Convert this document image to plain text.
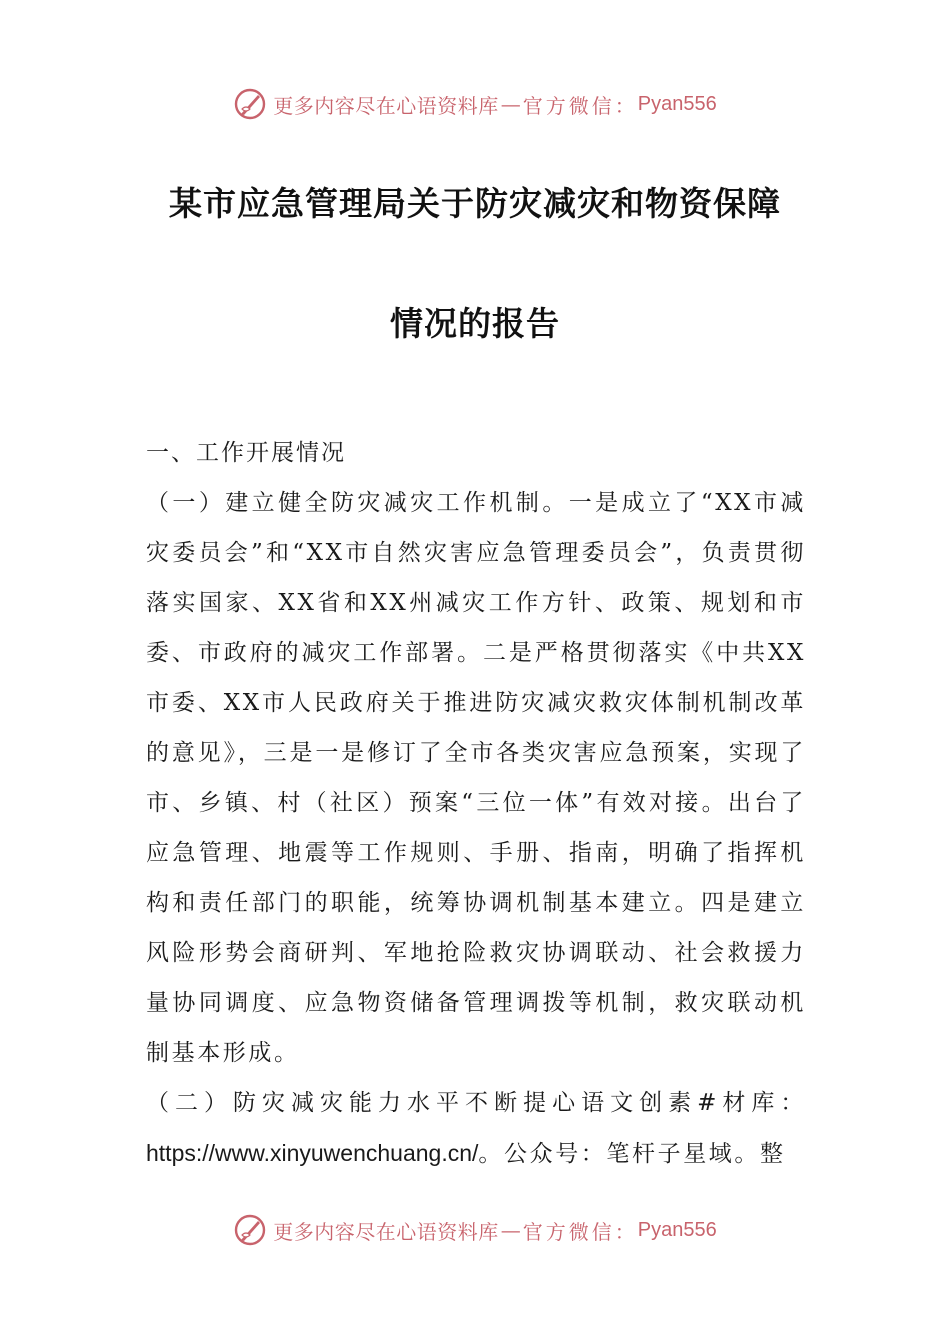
更多内容尽在心语资料库 — 官方微信： Pyan556
某市应急管理局关于防灾减灾和物资保障
情况的报告

一、工作开展情况

（一）建立健全防灾减灾工作机制。一是成立了“XX市减灾委员会”和“XX市自然灾害应急管理委员会”，负责贯彻落实国家、XX省和XX州减灾工作方针、政策、规划和市委、市政府的减灾工作部署。二是严格贯彻落实《中共XX市委、XX市人民政府关于推进防灾减灾救灾体制机制改革的意见》，三是一是修订了全市各类灾害应急预案，实现了市、乡镇、村（社区）预案“三位一体”有效对接。出台了应急管理、地震等工作规则、手册、指南，明确了指挥机构和责任部门的职能，统筹协调机制基本建立。四是建立风险形势会商研判、军地抢险救灾协调联动、社会救援力量协同调度、应急物资储备管理调拨等机制，救灾联动机制基本形成。

（二）防灾减灾能力水平不断提心语文创素#材库：https://www.xinyuwenchuang.cn/。公众号：笔杆子星域。整

更多内容尽在心语资料库 — 官方微信： Pyan556
